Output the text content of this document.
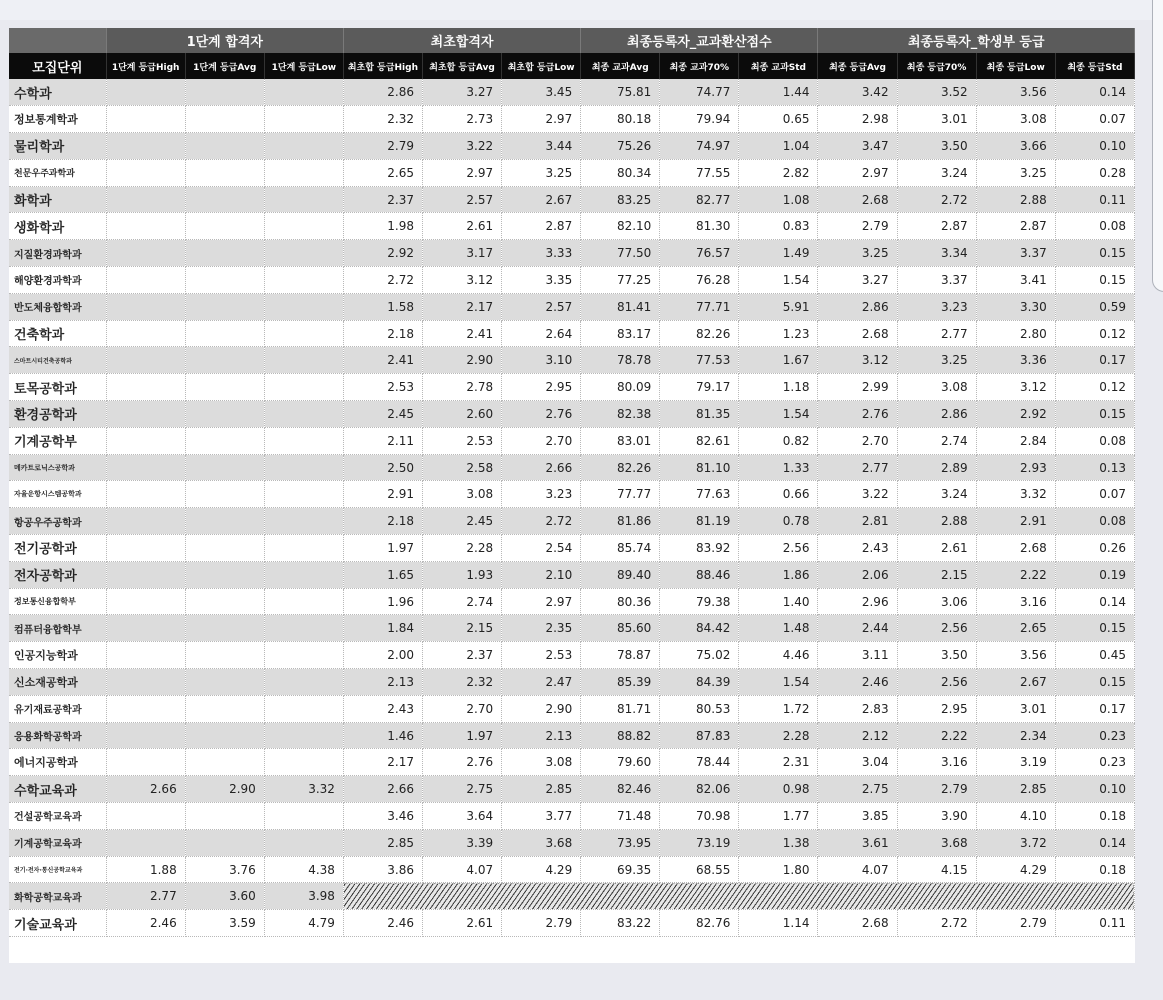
	1단계 합격자			최초합격자			최종등록자_교과환산점수			최종등록자_학생부 등급			
모집단위	1단계 등급High	1단계 등급Avg	1단계 등급Low	최초합 등급High	최초합 등급Avg	최초합 등급Low	최종 교과Avg	최종 교과70%	최종 교과Std	최종 등급Avg	최종 등급70%	최종 등급Low	최종 등급Std
수학과				2.86	3.27	3.45	75.81	74.77	1.44	3.42	3.52	3.56	0.14
정보통계학과				2.32	2.73	2.97	80.18	79.94	0.65	2.98	3.01	3.08	0.07
물리학과				2.79	3.22	3.44	75.26	74.97	1.04	3.47	3.50	3.66	0.10
천문우주과학과				2.65	2.97	3.25	80.34	77.55	2.82	2.97	3.24	3.25	0.28
화학과				2.37	2.57	2.67	83.25	82.77	1.08	2.68	2.72	2.88	0.11
생화학과				1.98	2.61	2.87	82.10	81.30	0.83	2.79	2.87	2.87	0.08
지질환경과학과				2.92	3.17	3.33	77.50	76.57	1.49	3.25	3.34	3.37	0.15
해양환경과학과				2.72	3.12	3.35	77.25	76.28	1.54	3.27	3.37	3.41	0.15
반도체융합학과				1.58	2.17	2.57	81.41	77.71	5.91	2.86	3.23	3.30	0.59
건축학과				2.18	2.41	2.64	83.17	82.26	1.23	2.68	2.77	2.80	0.12
스마트시티건축공학과				2.41	2.90	3.10	78.78	77.53	1.67	3.12	3.25	3.36	0.17
토목공학과				2.53	2.78	2.95	80.09	79.17	1.18	2.99	3.08	3.12	0.12
환경공학과				2.45	2.60	2.76	82.38	81.35	1.54	2.76	2.86	2.92	0.15
기계공학부				2.11	2.53	2.70	83.01	82.61	0.82	2.70	2.74	2.84	0.08
메카트로닉스공학과				2.50	2.58	2.66	82.26	81.10	1.33	2.77	2.89	2.93	0.13
자율운항시스템공학과				2.91	3.08	3.23	77.77	77.63	0.66	3.22	3.24	3.32	0.07
항공우주공학과				2.18	2.45	2.72	81.86	81.19	0.78	2.81	2.88	2.91	0.08
전기공학과				1.97	2.28	2.54	85.74	83.92	2.56	2.43	2.61	2.68	0.26
전자공학과				1.65	1.93	2.10	89.40	88.46	1.86	2.06	2.15	2.22	0.19
정보통신융합학부				1.96	2.74	2.97	80.36	79.38	1.40	2.96	3.06	3.16	0.14
컴퓨터융합학부				1.84	2.15	2.35	85.60	84.42	1.48	2.44	2.56	2.65	0.15
인공지능학과				2.00	2.37	2.53	78.87	75.02	4.46	3.11	3.50	3.56	0.45
신소재공학과				2.13	2.32	2.47	85.39	84.39	1.54	2.46	2.56	2.67	0.15
유기재료공학과				2.43	2.70	2.90	81.71	80.53	1.72	2.83	2.95	3.01	0.17
응용화학공학과				1.46	1.97	2.13	88.82	87.83	2.28	2.12	2.22	2.34	0.23
에너지공학과				2.17	2.76	3.08	79.60	78.44	2.31	3.04	3.16	3.19	0.23
수학교육과	2.66	2.90	3.32	2.66	2.75	2.85	82.46	82.06	0.98	2.75	2.79	2.85	0.10
건설공학교육과				3.46	3.64	3.77	71.48	70.98	1.77	3.85	3.90	4.10	0.18
기계공학교육과				2.85	3.39	3.68	73.95	73.19	1.38	3.61	3.68	3.72	0.14
전기·전자·통신공학교육과	1.88	3.76	4.38	3.86	4.07	4.29	69.35	68.55	1.80	4.07	4.15	4.29	0.18
화학공학교육과	2.77	3.60	3.98										
기술교육과	2.46	3.59	4.79	2.46	2.61	2.79	83.22	82.76	1.14	2.68	2.72	2.79	0.11
